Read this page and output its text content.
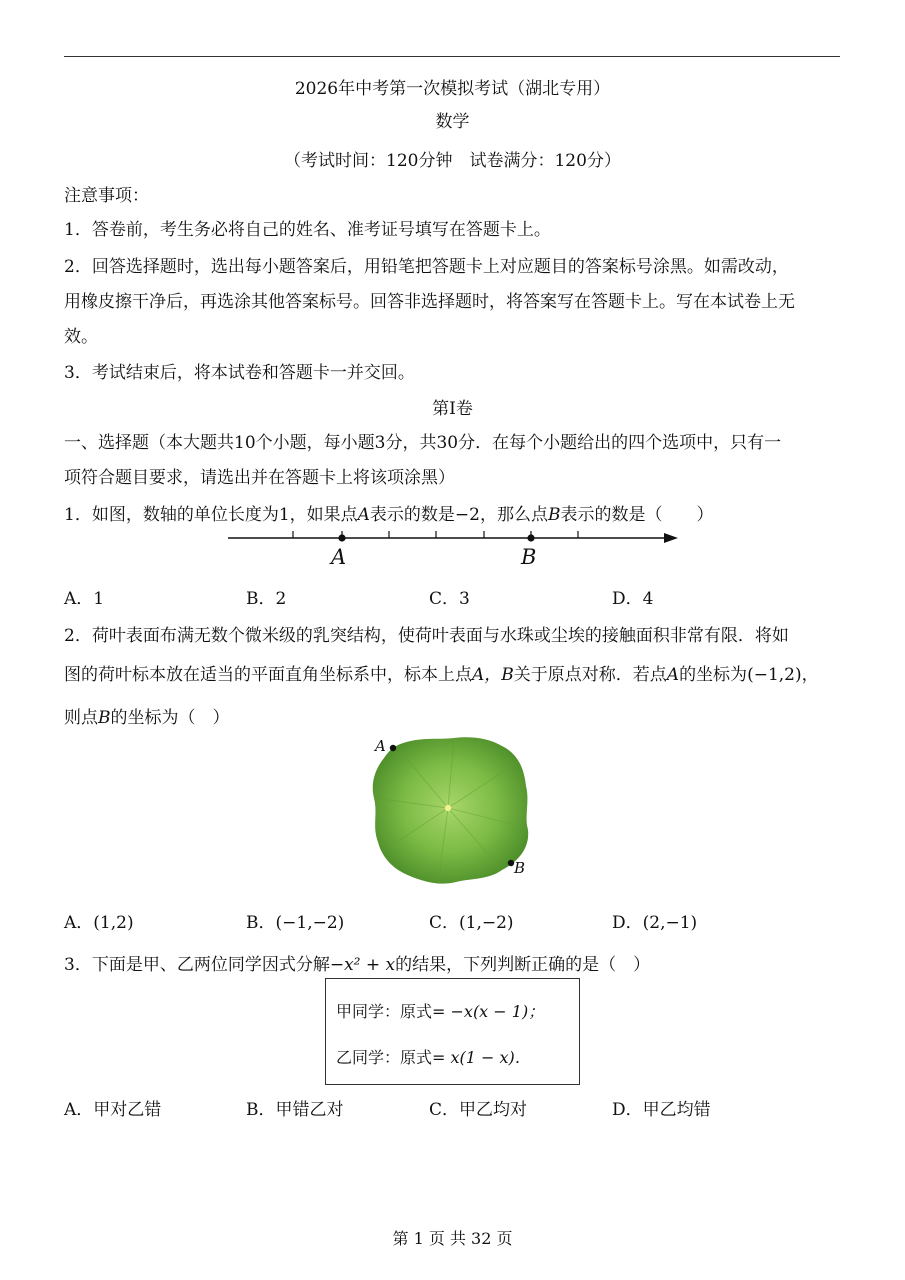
2026年中考第一次模拟考试（湖北专用）
数学
（考试时间：120分钟　试卷满分：120分）
注意事项：
1．答卷前，考生务必将自己的姓名、准考证号填写在答题卡上。
2．回答选择题时，选出每小题答案后，用铅笔把答题卡上对应题目的答案标号涂黑。如需改动，
用橡皮擦干净后，再选涂其他答案标号。回答非选择题时，将答案写在答题卡上。写在本试卷上无
效。
3．考试结束后，将本试卷和答题卡一并交回。
第Ⅰ卷
一、选择题（本大题共10个小题，每小题3分，共30分．在每个小题给出的四个选项中，只有一
项符合题目要求，请选出并在答题卡上将该项涂黑）
1．如图，数轴的单位长度为1，如果点A表示的数是−2，那么点B表示的数是（　　）
A	B
A．1	B．2	C．3	D．4
2．荷叶表面布满无数个微米级的乳突结构，使荷叶表面与水珠或尘埃的接触面积非常有限．将如
图的荷叶标本放在适当的平面直角坐标系中，标本上点A，B关于原点对称．若点A的坐标为(−1,2)，
则点B的坐标为（　）
A
B
A．(1,2)	B．(−1,−2)	C．(1,−2)	D．(2,−1)
3．下面是甲、乙两位同学因式分解−x² + x的结果，下列判断正确的是（　）
甲同学：原式= −x(x − 1)；
乙同学：原式= x(1 − x)．
A．甲对乙错	B．甲错乙对	C．甲乙均对	D．甲乙均错
第 1 页 共 32 页
